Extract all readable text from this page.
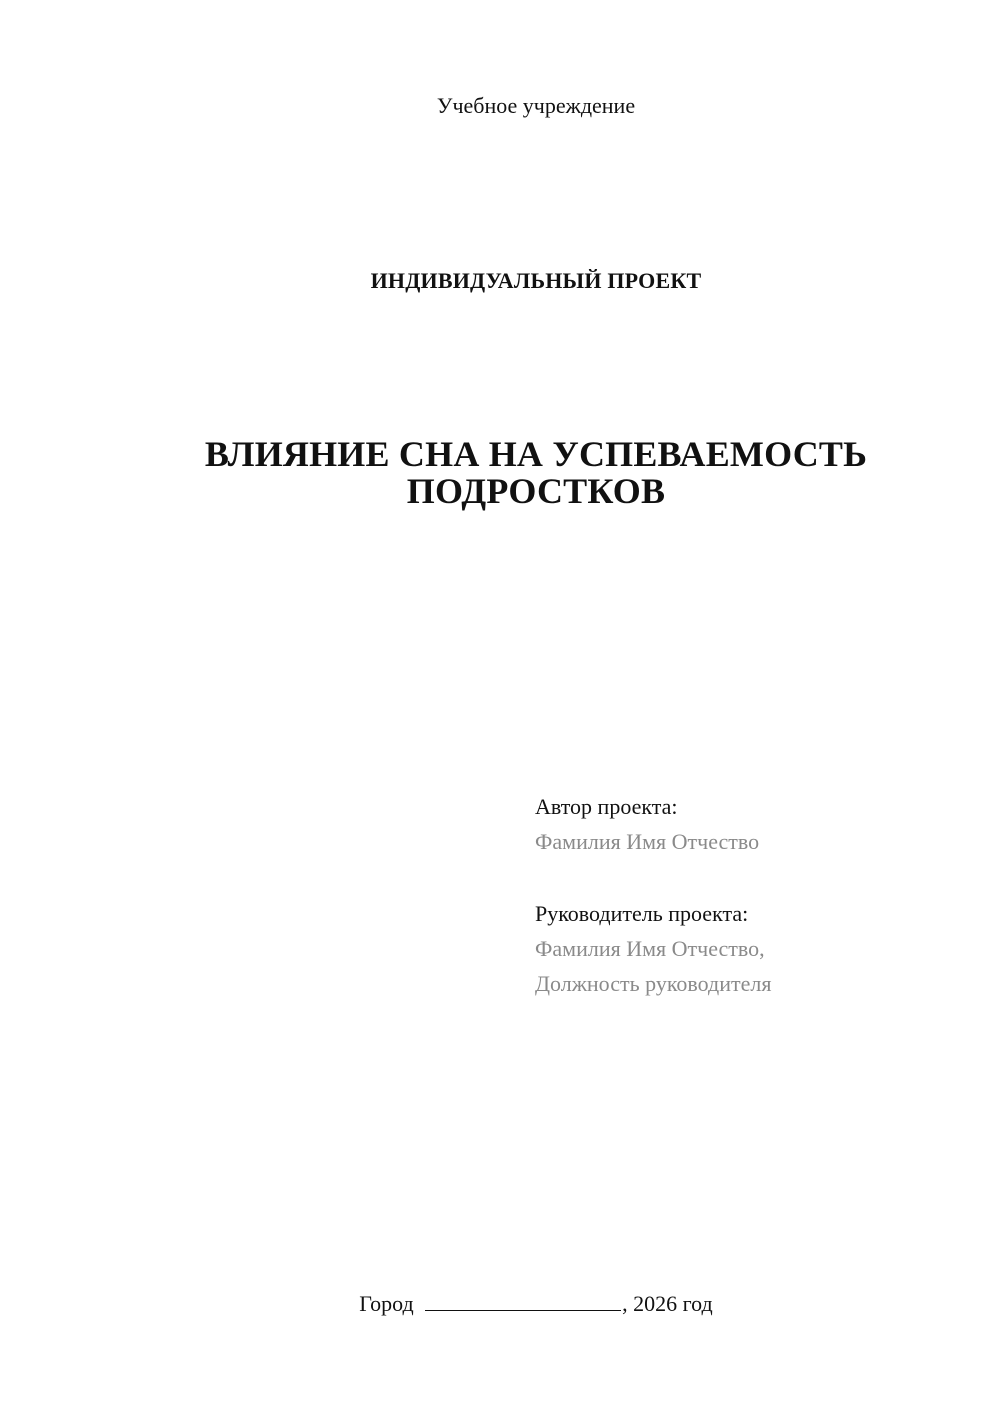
Учебное учреждение
ИНДИВИДУАЛЬНЫЙ ПРОЕКТ
ВЛИЯНИЕ СНА НА УСПЕВАЕМОСТЬ
ПОДРОСТКОВ
Автор проекта:
Фамилия Имя Отчество
Руководитель проекта:
Фамилия Имя Отчество,
Должность руководителя
Город	, 2026 год
